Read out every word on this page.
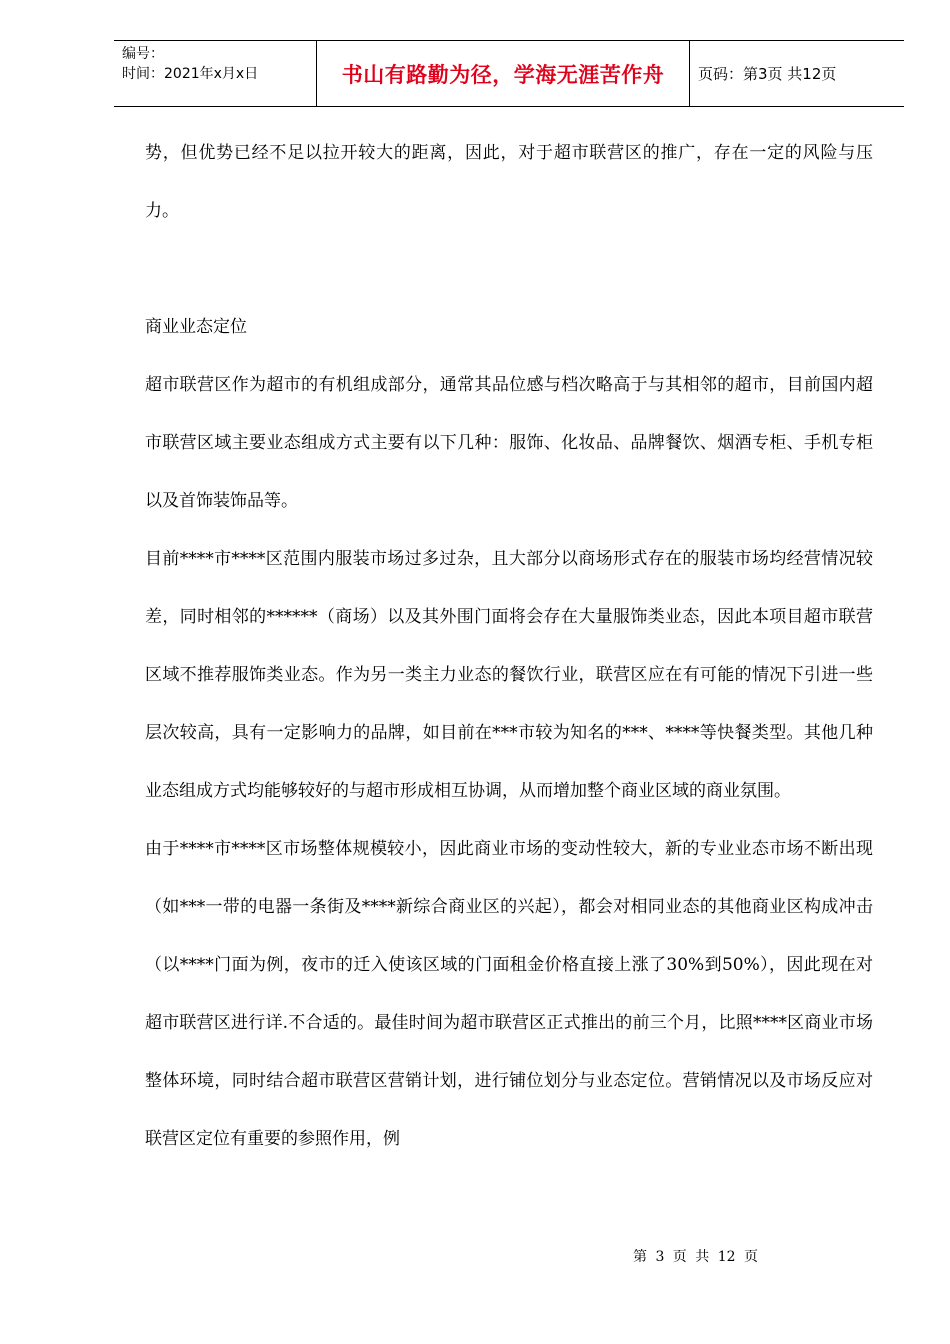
编号：
时间：2021年x月x日	书山有路勤为径，学海无涯苦作舟	页码：第3页 共12页

势，但优势已经不足以拉开较大的距离，因此，对于超市联营区的推广，存在一定的风险与压力。

商业业态定位

超市联营区作为超市的有机组成部分，通常其品位感与档次略高于与其相邻的超市，目前国内超市联营区域主要业态组成方式主要有以下几种：服饰、化妆品、品牌餐饮、烟酒专柜、手机专柜以及首饰装饰品等。

目前****市****区范围内服装市场过多过杂，且大部分以商场形式存在的服装市场均经营情况较差，同时相邻的******（商场）以及其外围门面将会存在大量服饰类业态，因此本项目超市联营区域不推荐服饰类业态。作为另一类主力业态的餐饮行业，联营区应在有可能的情况下引进一些层次较高，具有一定影响力的品牌，如目前在***市较为知名的***、****等快餐类型。其他几种业态组成方式均能够较好的与超市形成相互协调，从而增加整个商业区域的商业氛围。

由于****市****区市场整体规模较小，因此商业市场的变动性较大，新的专业业态市场不断出现（如***一带的电器一条街及****新综合商业区的兴起），都会对相同业态的其他商业区构成冲击（以****门面为例，夜市的迁入使该区域的门面租金价格直接上涨了30%到50%），因此现在对超市联营区进行详.不合适的。最佳时间为超市联营区正式推出的前三个月，比照****区商业市场整体环境，同时结合超市联营区营销计划，进行铺位划分与业态定位。营销情况以及市场反应对联营区定位有重要的参照作用，例

第 3 页 共 12 页
